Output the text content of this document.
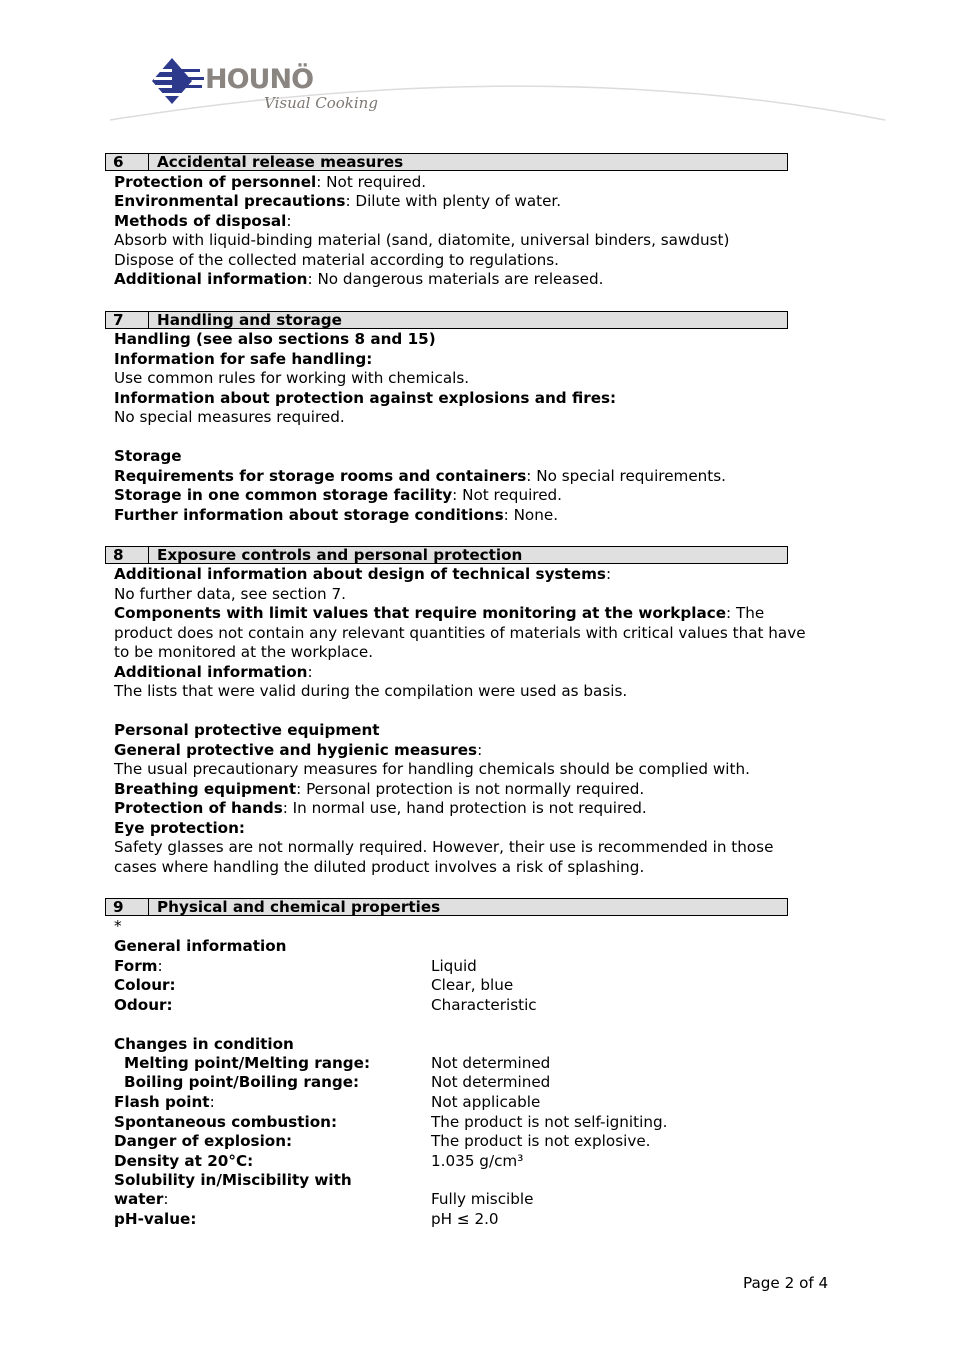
HOUNÖ
Visual Cooking
6	Accidental release measures
Protection of personnel: Not required.
Environmental precautions: Dilute with plenty of water.
Methods of disposal:
Absorb with liquid-binding material (sand, diatomite, universal binders, sawdust)
Dispose of the collected material according to regulations.
Additional information: No dangerous materials are released.
7	Handling and storage
Handling (see also sections 8 and 15)
Information for safe handling:
Use common rules for working with chemicals.
Information about protection against explosions and fires:
No special measures required.
Storage
Requirements for storage rooms and containers: No special requirements.
Storage in one common storage facility: Not required.
Further information about storage conditions: None.
8	Exposure controls and personal protection
Additional information about design of technical systems:
No further data, see section 7.
Components with limit values that require monitoring at the workplace: The
product does not contain any relevant quantities of materials with critical values that have
to be monitored at the workplace.
Additional information:
The lists that were valid during the compilation were used as basis.
Personal protective equipment
General protective and hygienic measures:
The usual precautionary measures for handling chemicals should be complied with.
Breathing equipment: Personal protection is not normally required.
Protection of hands: In normal use, hand protection is not required.
Eye protection:
Safety glasses are not normally required. However, their use is recommended in those
cases where handling the diluted product involves a risk of splashing.
9	Physical and chemical properties
*
General information
Form:	Liquid
Colour:	Clear, blue
Odour:	Characteristic
Changes in condition
Melting point/Melting range:	Not determined
Boiling point/Boiling range:	Not determined
Flash point:	Not applicable
Spontaneous combustion:	The product is not self-igniting.
Danger of explosion:	The product is not explosive.
Density at 20°C:	1.035 g/cm³
Solubility in/Miscibility with
water:	Fully miscible
pH-value:	pH ≤ 2.0
Page 2 of 4
